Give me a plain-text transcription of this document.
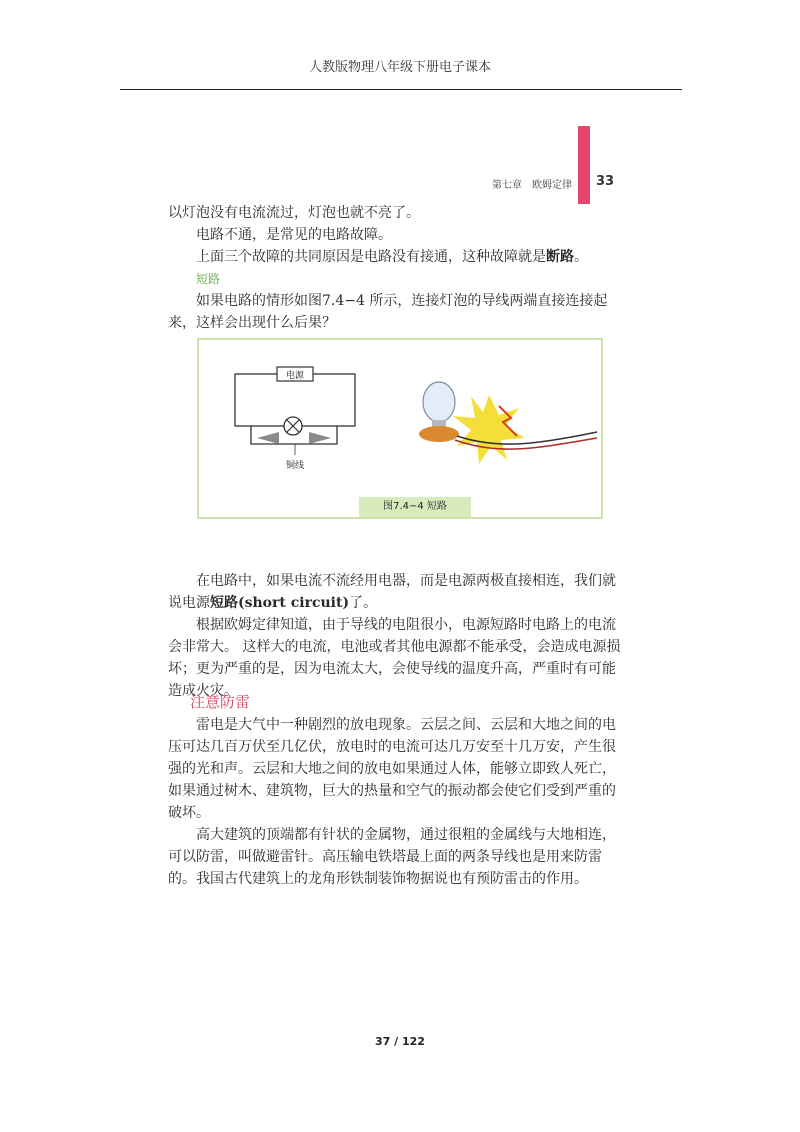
人教版物理八年级下册电子课本
第七章　欧姆定律 33

以灯泡没有电流流过，灯泡也就不亮了。

电路不通，是常见的电路故障。

上面三个故障的共同原因是电路没有接通，这种故障就是断路。

短路

如果电路的情形如图7.4−4 所示，连接灯泡的导线两端直接连接起来，这样会出现什么后果？

电源
铜线
图7.4−4 短路

在电路中，如果电流不流经用电器，而是电源两极直接相连，我们就说电源短路(short circuit)了。

根据欧姆定律知道，由于导线的电阻很小，电源短路时电路上的电流会非常大。 这样大的电流，电池或者其他电源都不能承受，会造成电源损坏；更为严重的是，因为电流太大，会使导线的温度升高，严重时有可能造成火灾。

注意防雷

雷电是大气中一种剧烈的放电现象。云层之间、云层和大地之间的电压可达几百万伏至几亿伏，放电时的电流可达几万安至十几万安，产生很强的光和声。云层和大地之间的放电如果通过人体，能够立即致人死亡，如果通过树木、建筑物，巨大的热量和空气的振动都会使它们受到严重的破坏。

高大建筑的顶端都有针状的金属物，通过很粗的金属线与大地相连，可以防雷，叫做避雷针。高压输电铁塔最上面的两条导线也是用来防雷的。我国古代建筑上的龙角形铁制装饰物据说也有预防雷击的作用。

37 / 122
